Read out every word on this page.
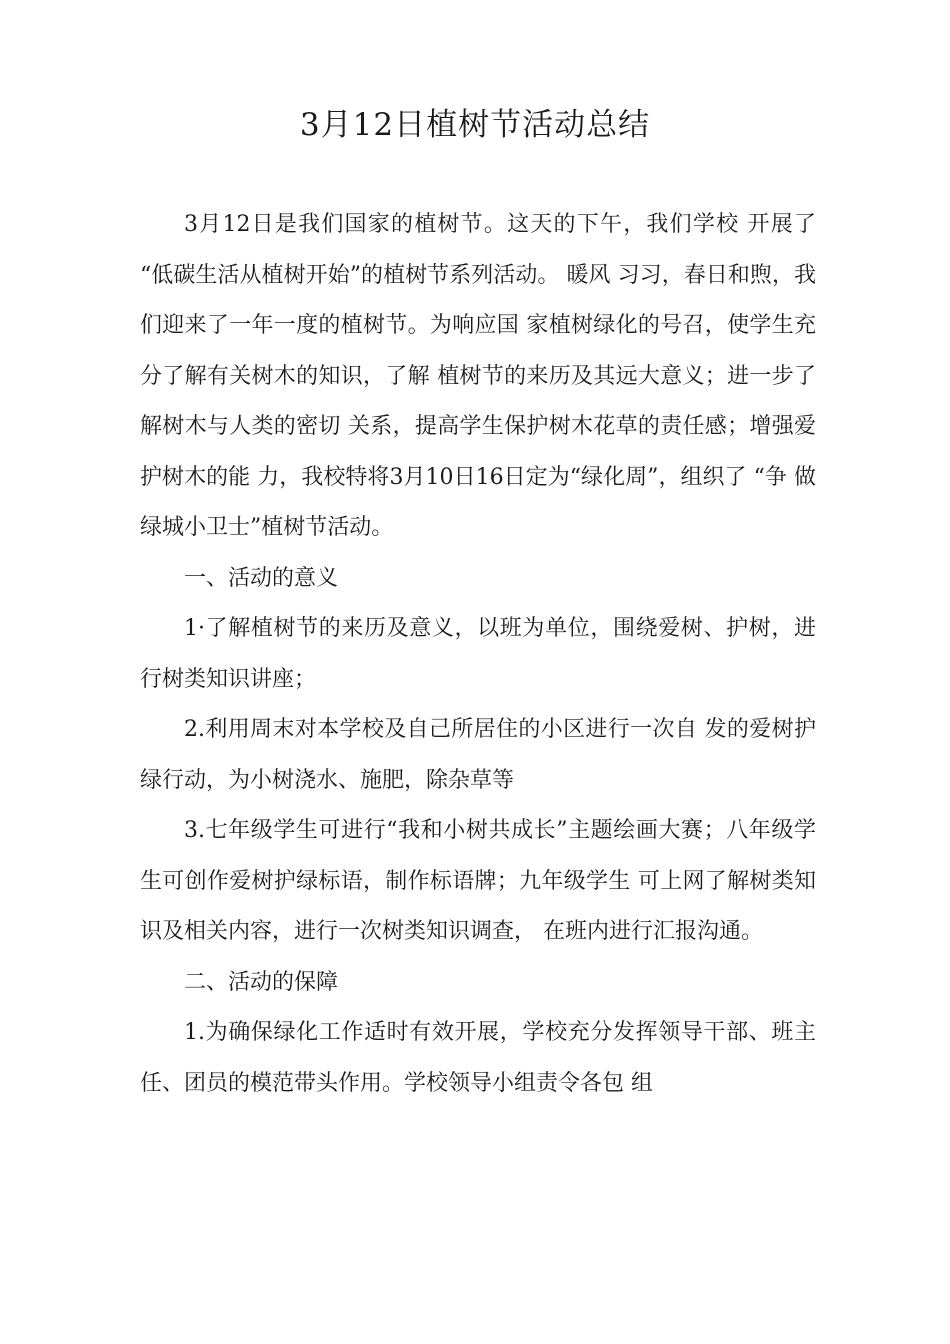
3月12日植树节活动总结

3月12日是我们国家的植树节。这天的下午，我们学校 开展了 “低碳生活从植树开始”的植树节系列活动。 暖风 习习，春日和煦，我们迎来了一年一度的植树节。为响应国 家植树绿化的号召，使学生充分了解有关树木的知识，了解 植树节的来历及其远大意义；进一步了解树木与人类的密切 关系，提高学生保护树木花草的责任感；增强爱护树木的能 力，我校特将3月10日16日定为“绿化周”，组织了 “争 做绿城小卫士”植树节活动。

一、活动的意义

1·了解植树节的来历及意义，以班为单位，围绕爱树、护树，进行树类知识讲座；

2.利用周末对本学校及自己所居住的小区进行一次自 发的爱树护绿行动，为小树浇水、施肥，除杂草等

3.七年级学生可进行“我和小树共成长”主题绘画大赛；八年级学生可创作爱树护绿标语，制作标语牌；九年级学生 可上网了解树类知识及相关内容，进行一次树类知识调查， 在班内进行汇报沟通。

二、活动的保障

1.为确保绿化工作适时有效开展，学校充分发挥领导干部、班主任、团员的模范带头作用。学校领导小组责令各包 组
